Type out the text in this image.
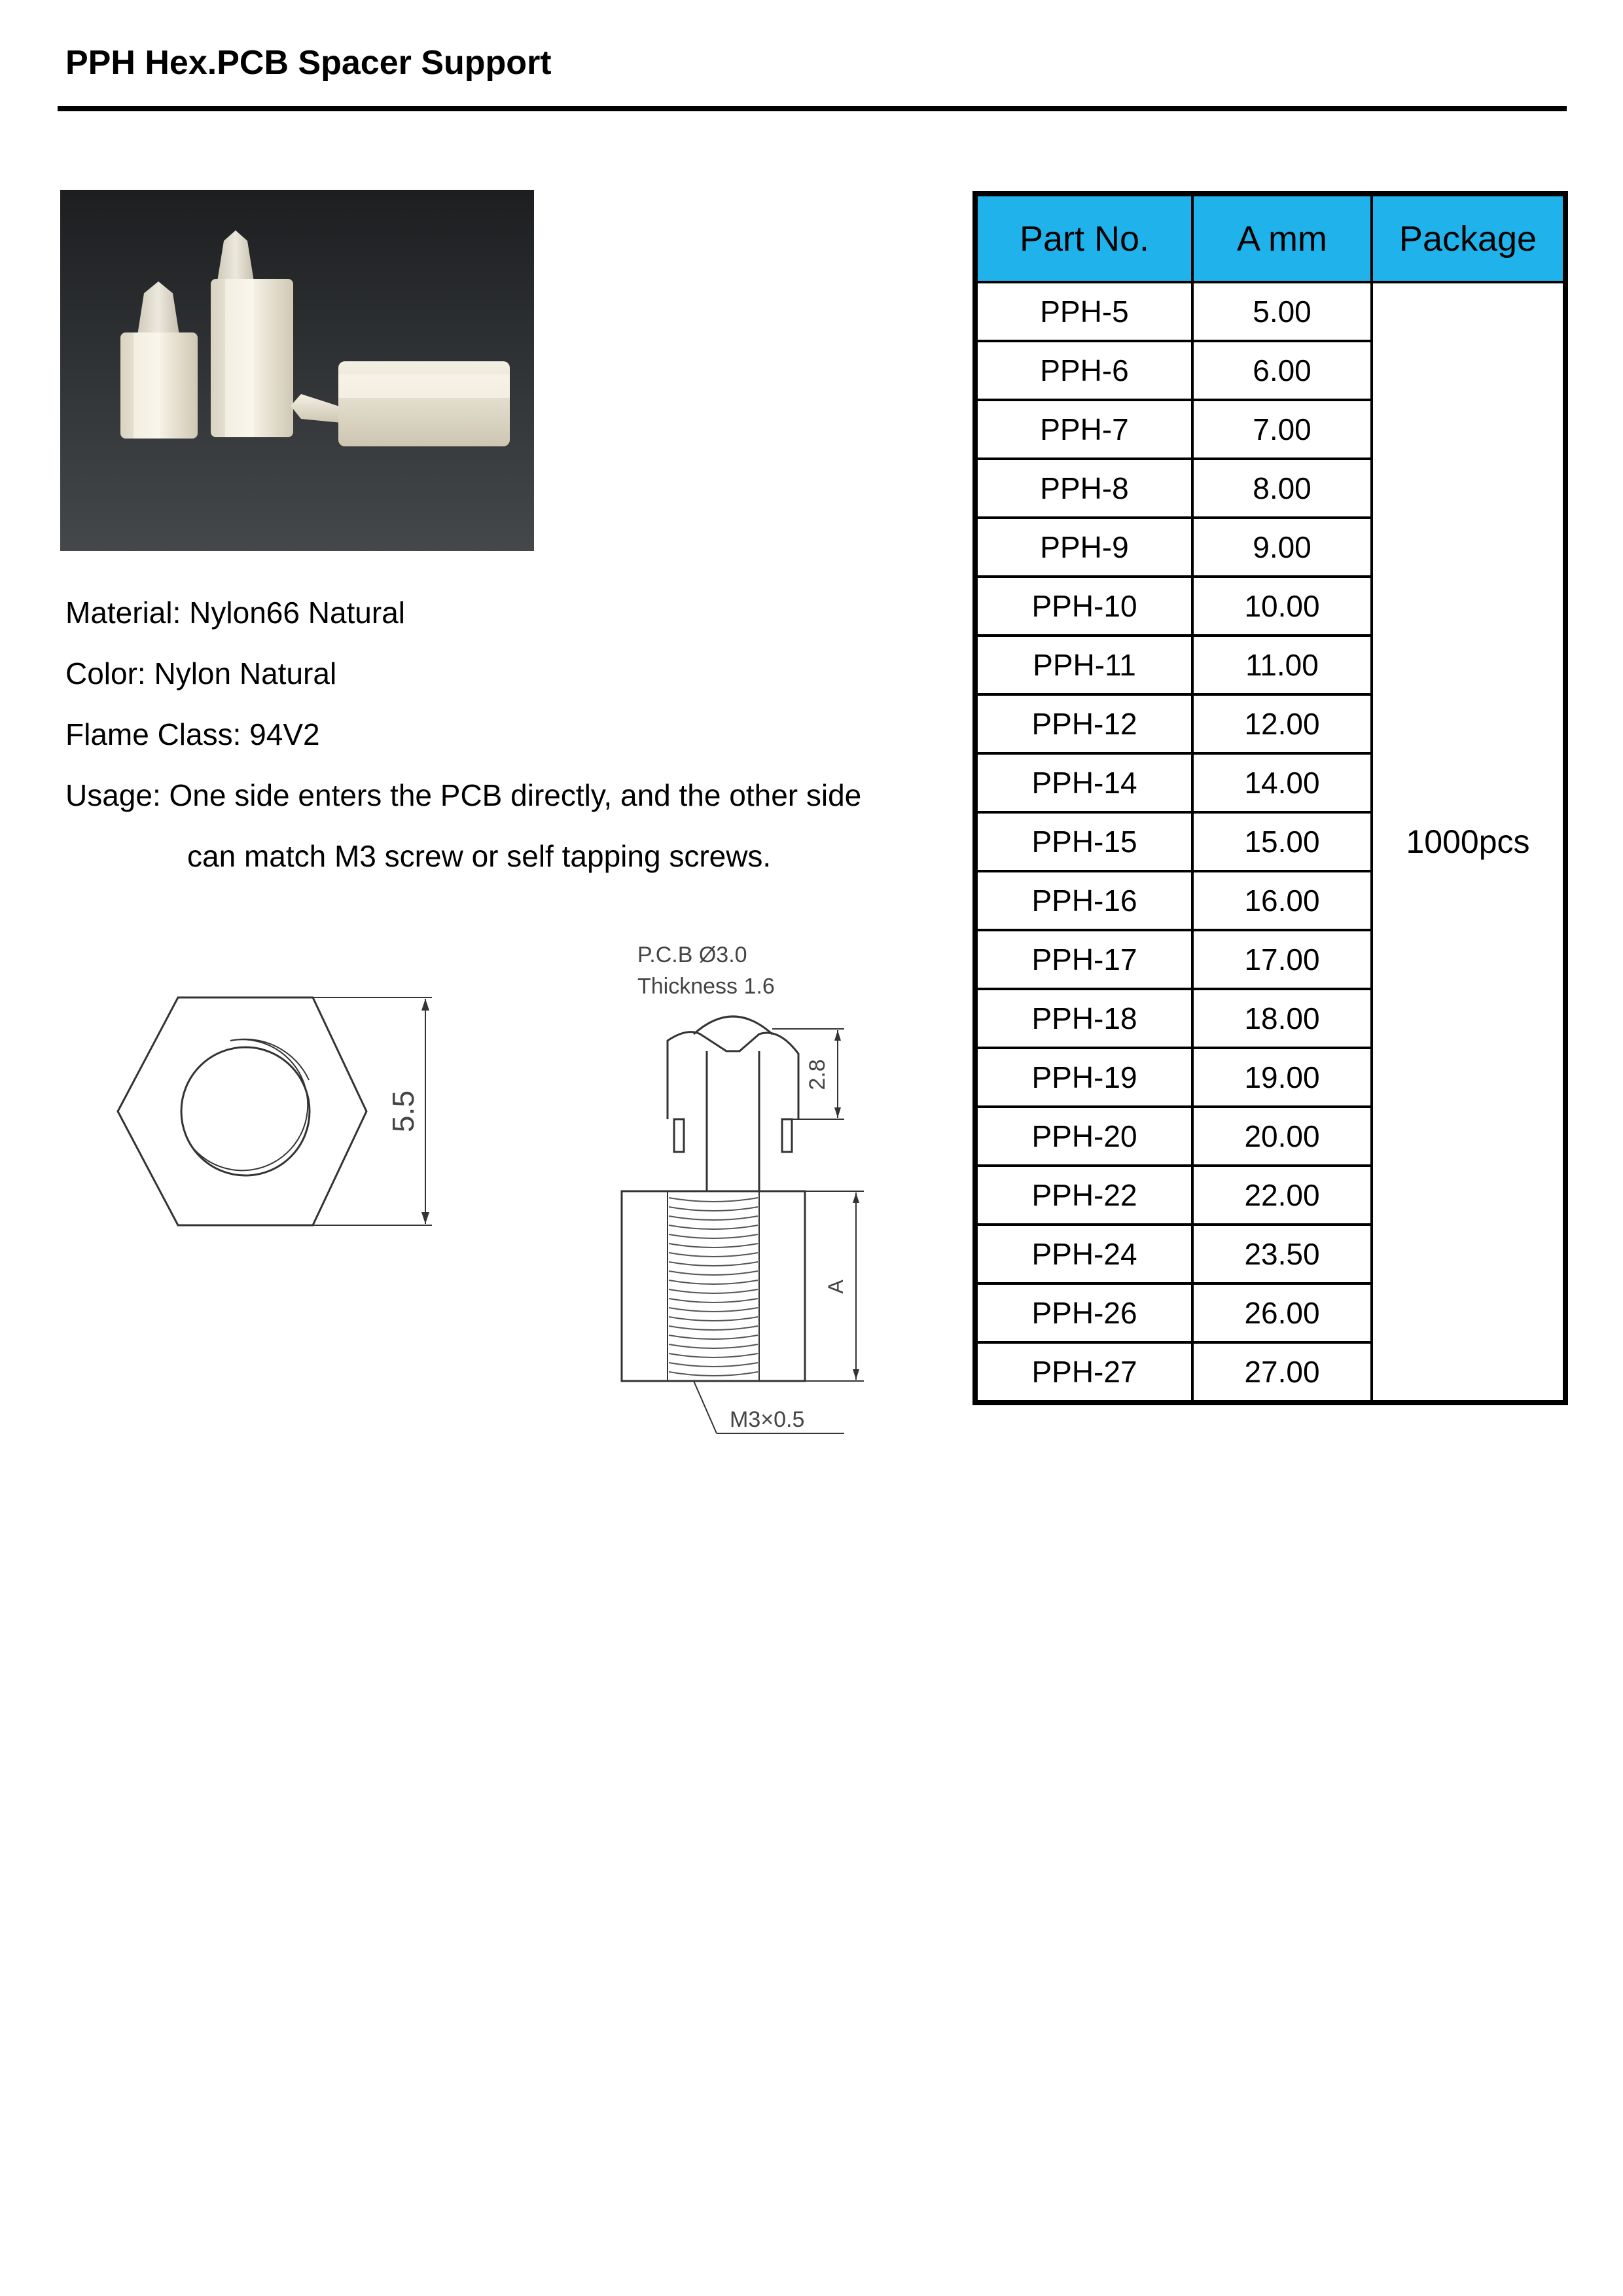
PPH Hex.PCB Spacer Support
Material: Nylon66 Natural
Color: Nylon Natural
Flame Class: 94V2
Usage: One side enters the PCB directly, and the other side
can match M3 screw or self tapping screws.
5.5
P.C.B Ø3.0
Thickness 1.6
2.8
A
M3×0.5
Part No.	A mm	Package
PPH-5	5.00	1000pcs
PPH-6	6.00	
PPH-7	7.00	
PPH-8	8.00	
PPH-9	9.00	
PPH-10	10.00	
PPH-11	11.00	
PPH-12	12.00	
PPH-14	14.00	
PPH-15	15.00	
PPH-16	16.00	
PPH-17	17.00	
PPH-18	18.00	
PPH-19	19.00	
PPH-20	20.00	
PPH-22	22.00	
PPH-24	23.50	
PPH-26	26.00	
PPH-27	27.00	
